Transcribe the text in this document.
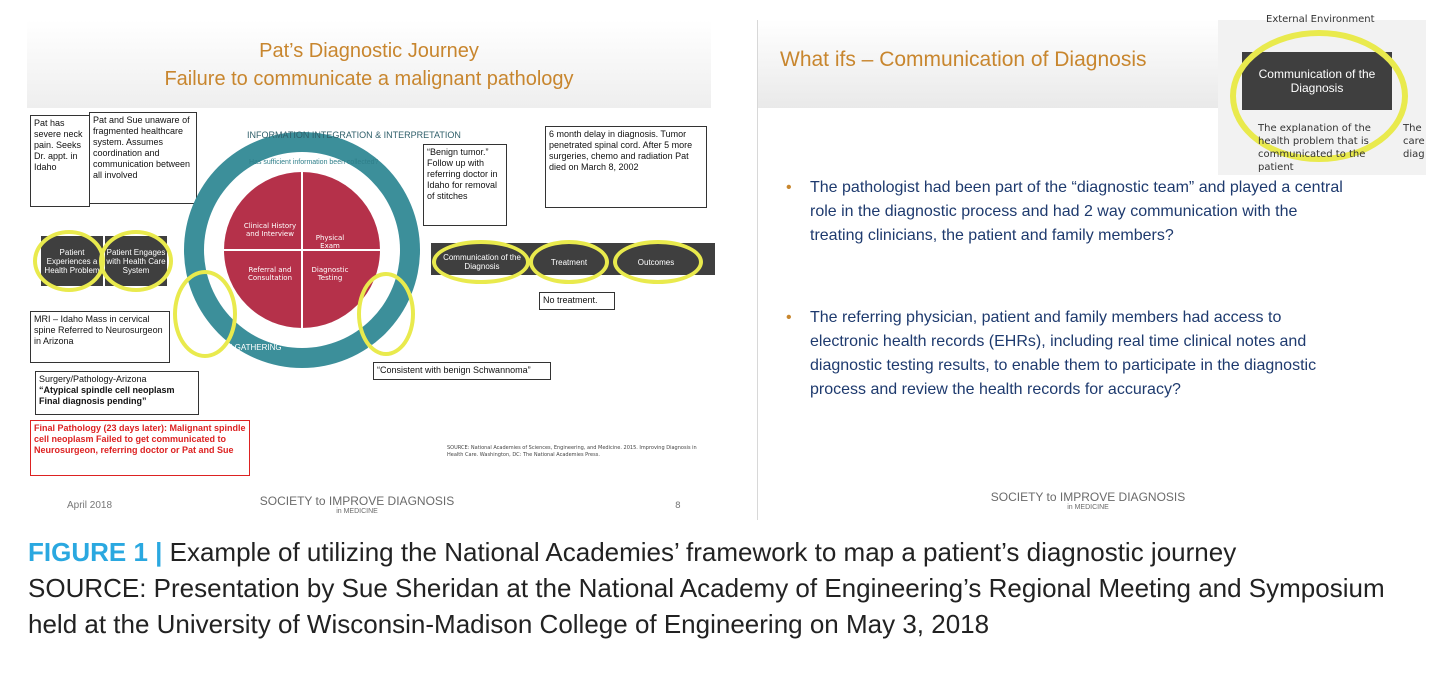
Pat’s Diagnostic Journey
Failure to communicate a malignant pathology
Pat has severe neck pain. Seeks Dr. appt. in Idaho
Pat and Sue unaware of fragmented healthcare system. Assumes coordination and communication between all involved
Patient Experiences a Health Problem
Patient Engages with Health Care System
INFORMATION INTEGRATION & INTERPRETATION
Has sufficient information been collected?
INFORMATION GATHERING	WORKING DIAGNOSIS
Clinical History and Interview	Physical Exam
Referral and Consultation
Diagnostic Testing
“Benign tumor.” Follow up with referring doctor in Idaho for removal of stitches
6 month delay in diagnosis. Tumor penetrated spinal cord. After 5 more surgeries, chemo and radiation Pat died on March 8, 2002
Communication of the Diagnosis	Treatment	Outcomes
No treatment.
MRI – Idaho Mass in cervical spine Referred to Neurosurgeon in Arizona
Surgery/Pathology-Arizona
“Atypical spindle cell neoplasm
Final diagnosis pending”
Final Pathology (23 days later): Malignant spindle cell neoplasm Failed to get communicated to Neurosurgeon, referring doctor or Pat and Sue
“Consistent with benign Schwannoma”
SOURCE: National Academies of Sciences, Engineering, and Medicine. 2015. Improving Diagnosis in Health Care. Washington, DC: The National Academies Press.
April 2018	SOCIETY to IMPROVE DIAGNOSIS
in MEDICINE
8
What ifs – Communication of Diagnosis
External Environment
Communication of the Diagnosis
The explanation of the health problem that is communicated to the patient
The care diag
• The pathologist had been part of the “diagnostic team” and played a central role in the diagnostic process and had 2 way communication with the treating clinicians, the patient and family members?
• The referring physician, patient and family members had access to electronic health records (EHRs), including real time clinical notes and diagnostic testing results, to enable them to participate in the diagnostic process and review the health records for accuracy?
SOCIETY to IMPROVE DIAGNOSIS
in MEDICINE
FIGURE 1 | Example of utilizing the National Academies’ framework to map a patient’s diagnostic journey
SOURCE: Presentation by Sue Sheridan at the National Academy of Engineering’s Regional Meeting and Symposium held at the University of Wisconsin-Madison College of Engineering on May 3, 2018
